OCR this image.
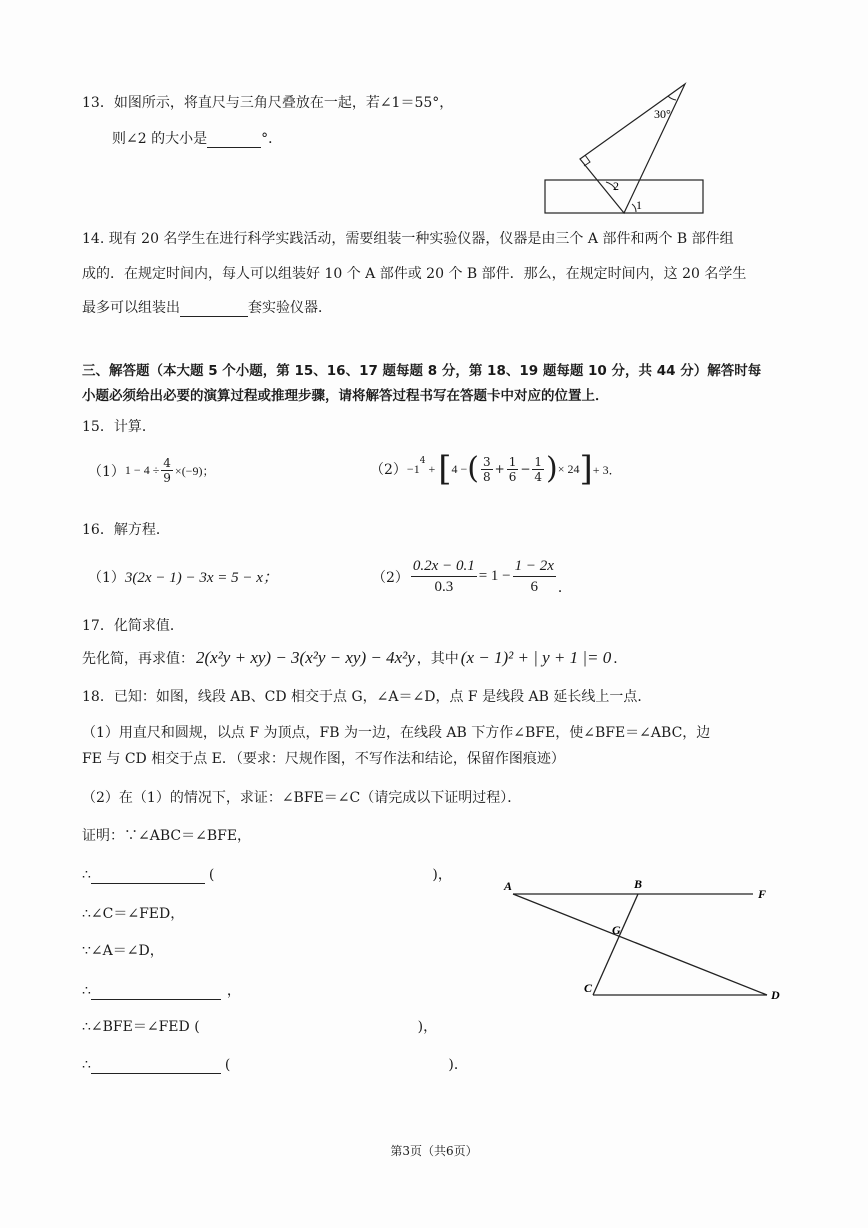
13．如图所示，将直尺与三角尺叠放在一起，若∠1＝55°，
则∠2 的大小是	°．
30°
2
1
14. 现有 20 名学生在进行科学实践活动，需要组装一种实验仪器，仪器是由三个 A 部件和两个 B 部件组
成的．在规定时间内，每人可以组装好 10 个 A 部件或 20 个 B 部件．那么，在规定时间内，这 20 名学生
最多可以组装出	套实验仪器．
三、解答题（本大题 5 个小题，第 15、16、17 题每题 8 分，第 18、19 题每题 10 分，共 44 分）解答时每
小题必须给出必要的演算过程或推理步骤，请将解答过程书写在答题卡中对应的位置上．
15．计算．
（1） $1 - 4 \div \frac{4}{9} \times(-9)$；	（2） −1
$^4$
+ [ 4 − ( $\frac{3}{8} + \frac{1}{6} - \frac{1}{4}$ ) × 24 ] + 3．
16．解方程．
（1）3(2x − 1) − 3x = 5 − x；	$(2) \frac{0.2x - 0.1}{0.3} = 1 - \frac{1 - 2x}{6}$ ．
17．化简求值．
先化简，再求值： 2(x²y + xy) − 3(x²y − xy) − 4x²y ，其中 (x − 1)² + | y + 1 |= 0 ．
18．已知：如图，线段 AB、CD 相交于点 G，∠A＝∠D，点 F 是线段 AB 延长线上一点．
（1）用直尺和圆规，以点 F 为顶点，FB 为一边，在线段 AB 下方作∠BFE，使∠BFE＝∠ABC，边
FE 与 CD 相交于点 E．（要求：尺规作图，不写作法和结论，保留作图痕迹）
（2）在（1）的情况下，求证：∠BFE＝∠C（请完成以下证明过程）．
证明：∵∠ABC＝∠BFE，
∴	(	)，
∴∠C＝∠FED，
∵∠A＝∠D，
∴	，
∴∠BFE＝∠FED (	)，
∴	(	)．
A	B
F
G
C	D
第3页（共6页）
